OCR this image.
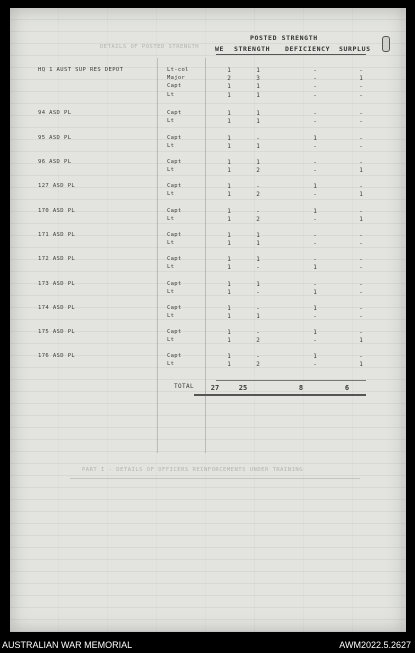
POSTED STRENGTH
DETAILS OF POSTED STRENGTH WE STRENGTH DEFICIENCY SURPLUS
HQ 1 AUST SUP RES DEPOT	Lt-col	1	1	-	-
Major	2	3	-	1
Capt	1	1	-	-
Lt	1	1	-	-
94 ASD PL	Capt	1	1	-	-
Lt	1	1	-	-
95 ASD PL	Capt	1	-	1	-
Lt	1	1	-	-
96 ASD PL	Capt	1	1	-	-
Lt	1	2	-	1
127 ASD PL	Capt	1	-	1	-
Lt	1	2	-	1
170 ASD PL	Capt	1	-	1	-
Lt	1	2	-	1
171 ASD PL	Capt	1	1	-	-
Lt	1	1	-	-
172 ASD PL	Capt	1	1	-	-
Lt	1	-	1	-
173 ASD PL	Capt	1	1	-	-
Lt	1	-	1	-
174 ASD PL	Capt	1	-	1	-
Lt	1	1	-	-
175 ASD PL	Capt	1	-	1	-
Lt	1	2	-	1
176 ASD PL	Capt	1	-	1	-
Lt	1	2	-	1
TOTAL	27	25	8	6
PART I - DETAILS OF OFFICERS REINFORCEMENTS UNDER TRAINING
AUSTRALIAN WAR MEMORIAL	AWM2022.5.2627
